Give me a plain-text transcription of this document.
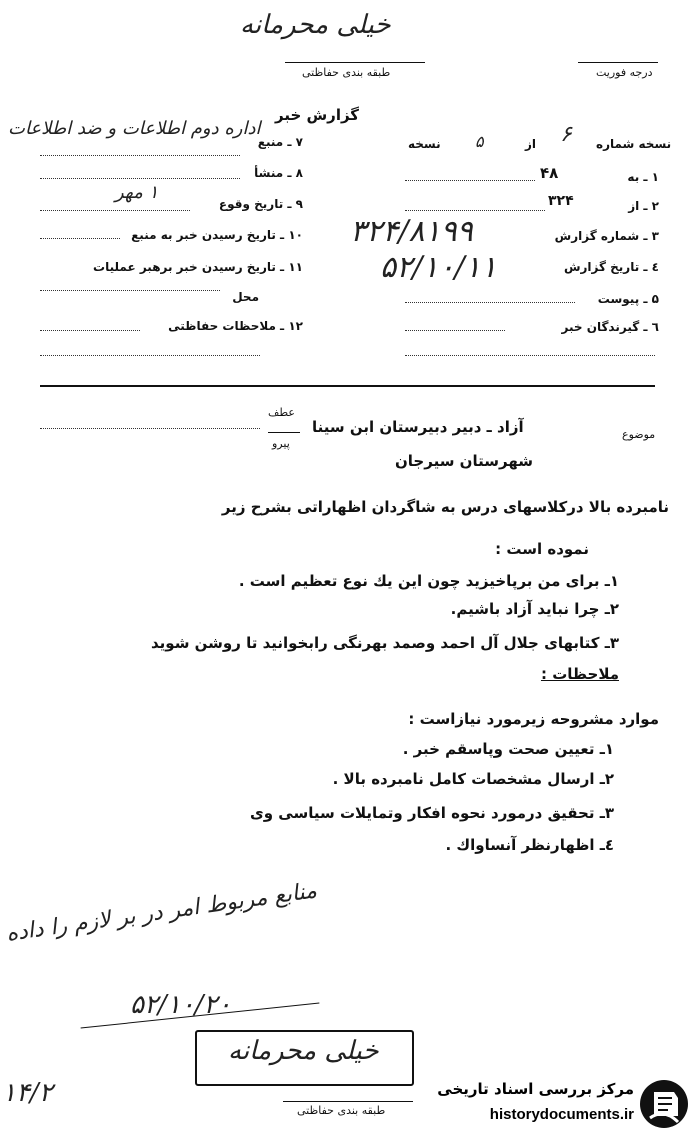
خیلی محرمانه
طبقه بندی حفاظتی	درجه فوریت
گزارش خبر
۷ ـ منبع
اداره دوم اطلاعات و ضد اطلاعات
۸ ـ منشأ
۹ ـ تاریخ وقوع
۱ مهر
۱۰ ـ تاریخ رسیدن خبر به منبع
۱۱ ـ تاریخ رسیدن خبر برهبر عملیات
محل
۱۲ ـ ملاحظات حفاظتی
نسخه شماره
۶
از
۵
نسخه
۱ ـ به
۴۸
۲ ـ از
۳۲۴
۳ ـ شماره گزارش
۳۲۴/۸۱۹۹
٤ ـ تاریخ گزارش
۵۲/۱۰/۱۱
۵ ـ پیوست
٦ ـ گیرندگان خبر
عطف
پیرو
آزاد ـ دبیر دبیرستان ابن سینا	موضوع
شهرستان سیرجان
نامبرده بالا درکلاسهای درس به شاگردان اظهاراتی بشرح زیر
نموده است :
۱ـ برای من برپاخیزید چون این یك نوع تعظیم است .
۲ـ چرا نباید آزاد باشیم.
۳ـ کتابهای جلال آل احمد وصمد بهرنگی رابخوانید تا روشن شوید
ملاحظات :
موارد مشروحه زیرمورد نیازاست :
۱ـ تعیین صحت وپاسقم خبر .
۲ـ ارسال مشخصات کامل نامبرده بالا .
۳ـ تحقیق درمورد نحوه افکار وتمایلات سیاسی وی
٤ـ اظهارنظر آنساواك .
منابع مربوط امر در بر لازم را داده
۵۲/۱۰/۲۰
خیلی محرمانه
۱۴/۲
طبقه بندی حفاظتی
مرکز بررسی اسناد تاریخی
historydocuments.ir
